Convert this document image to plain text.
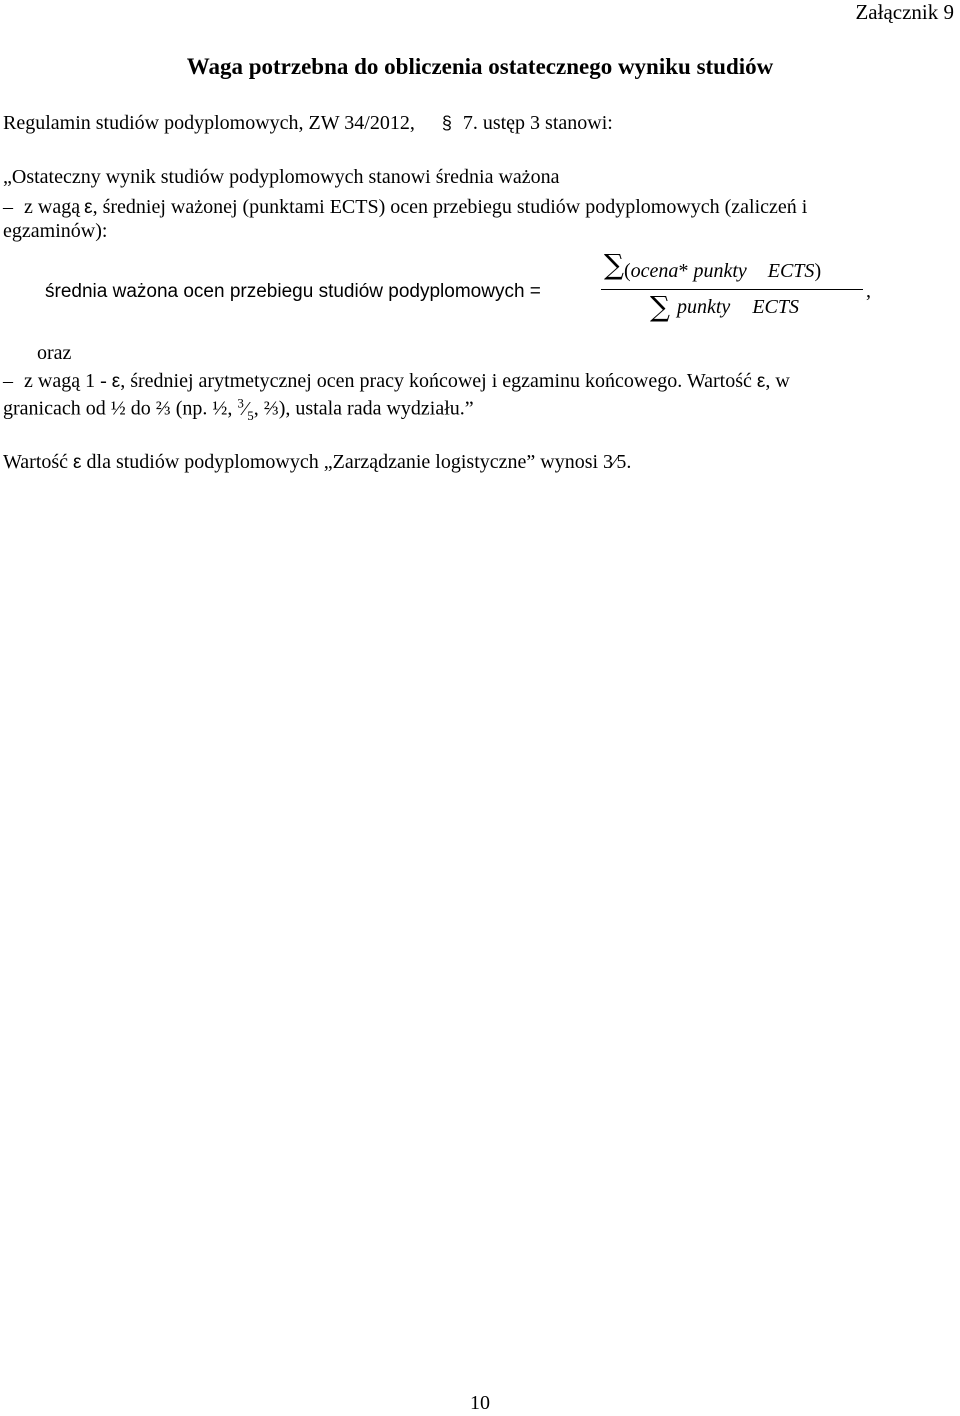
Załącznik 9
Waga potrzebna do obliczenia ostatecznego wyniku studiów
Regulamin studiów podyplomowych, ZW 34/2012, § 7. ustęp 3 stanowi:
„Ostateczny wynik studiów podyplomowych stanowi średnia ważona
– z wagą ε, średniej ważonej (punktami ECTS) ocen przebiegu studiów podyplomowych (zaliczeń i
egzaminów):
średnia ważona ocen przebiegu studiów podyplomowych =
∑ (ocena* punkty ECTS)
,
∑ punkty ECTS
oraz
– z wagą 1 - ε, średniej arytmetycznej ocen pracy końcowej i egzaminu końcowego. Wartość ε, w
granicach od ½ do ⅔ (np. ½, $^3⁄_5$, ⅔), ustala rada wydziału.”
Wartość ε dla studiów podyplomowych „Zarządzanie logistyczne” wynosi 3⁄5.
10
